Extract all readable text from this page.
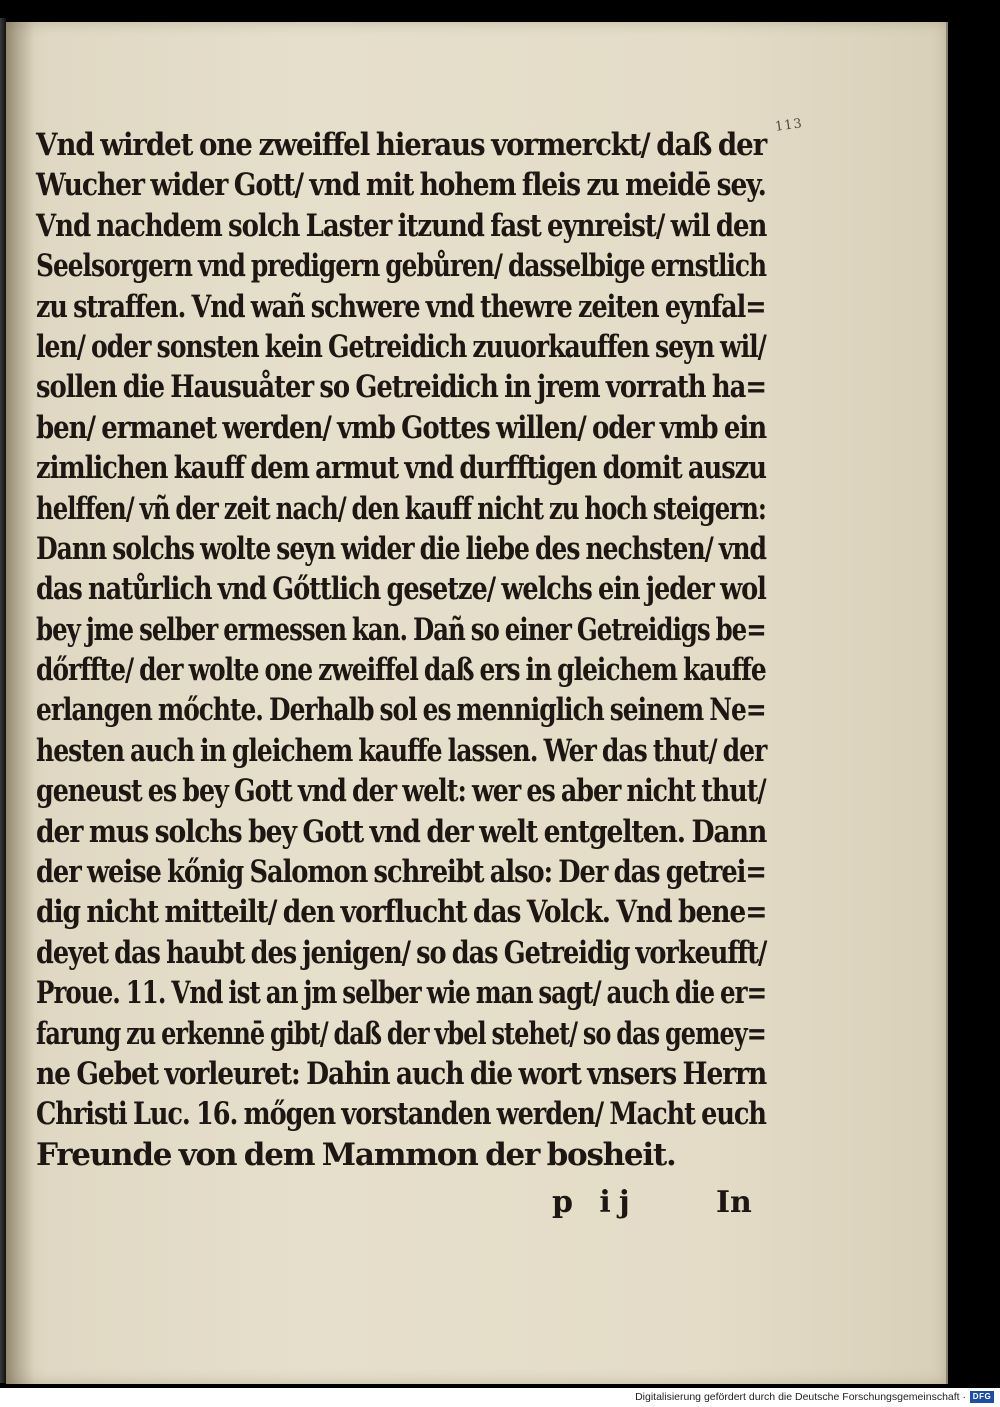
Vnd wirdet one zweiffel hieraus vormerckt/ daß der
Wucher wider Gott/ vnd mit hohem fleis zu meidē sey.
Vnd nachdem solch Laster itzund fast eynreist/ wil den
Seelsorgern vnd predigern gebůren/ dasselbige ernstlich
zu straffen. Vnd wañ schwere vnd thewre zeiten eynfal=
len/ oder sonsten kein Getreidich zuuorkauffen seyn wil/
sollen die Hausuåter so Getreidich in jrem vorrath ha=
ben/ ermanet werden/ vmb Gottes willen/ oder vmb ein
zimlichen kauff dem armut vnd durfftigen domit auszu
helffen/ vñ der zeit nach/ den kauff nicht zu hoch steigern:
Dann solchs wolte seyn wider die liebe des nechsten/ vnd
das natůrlich vnd Gőttlich gesetze/ welchs ein jeder wol
bey jme selber ermessen kan. Dañ so einer Getreidigs be=
dőrffte/ der wolte one zweiffel daß ers in gleichem kauffe
erlangen mőchte. Derhalb sol es menniglich seinem Ne=
hesten auch in gleichem kauffe lassen. Wer das thut/ der
geneust es bey Gott vnd der welt: wer es aber nicht thut/
der mus solchs bey Gott vnd der welt entgelten. Dann
der weise kőnig Salomon schreibt also: Der das getrei=
dig nicht mitteilt/ den vorflucht das Volck. Vnd bene=
deyet das haubt des jenigen/ so das Getreidig vorkeufft/
Proue. 11. Vnd ist an jm selber wie man sagt/ auch die er=
farung zu erkennē gibt/ daß der vbel stehet/ so das gemey=
ne Gebet vorleuret: Dahin auch die wort vnsers Herrn
Christi Luc. 16. mőgen vorstanden werden/ Macht euch
Freunde von dem Mammon der bosheit.
p ij	In
113
Digitalisierung gefördert durch die Deutsche Forschungsgemeinschaft · DFG
